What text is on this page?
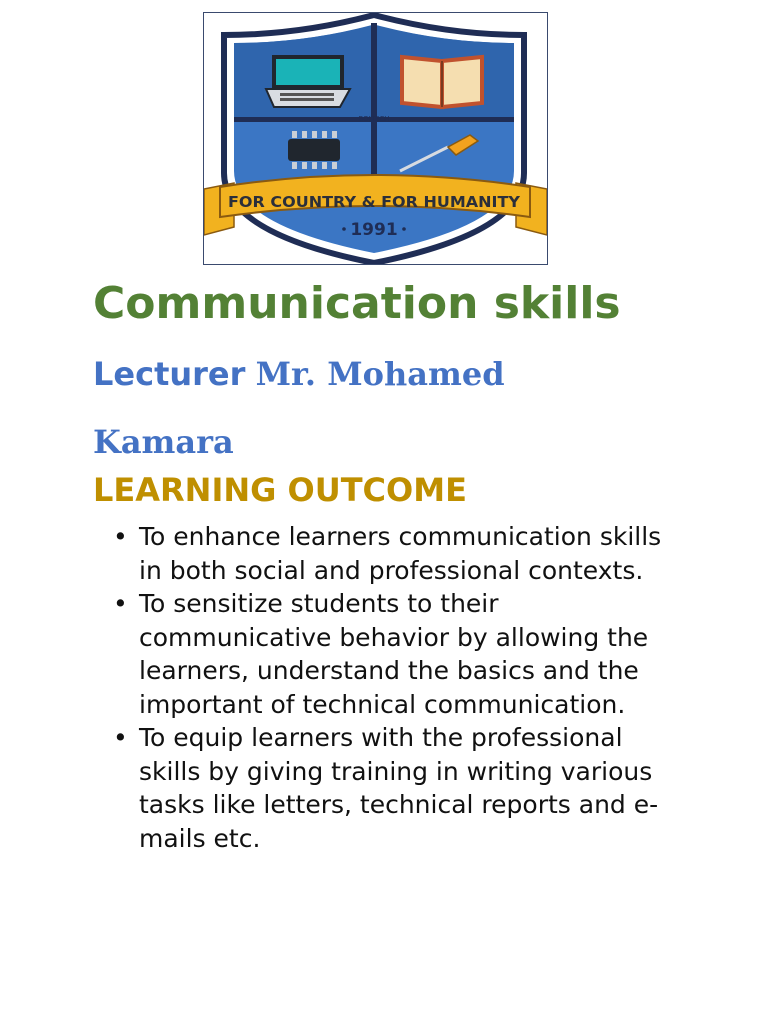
BOITECH
FOR COUNTRY & FOR HUMANITY
1991
Communication skills

Lecturer Mr. Mohamed
Kamara

LEARNING OUTCOME
• To enhance learners communication skills in both social and professional contexts.
• To sensitize students to their communicative behavior by allowing the learners, understand the basics and the important of technical communication.
• To equip learners with the professional skills by giving training in writing various tasks like letters, technical reports and e-mails etc.
